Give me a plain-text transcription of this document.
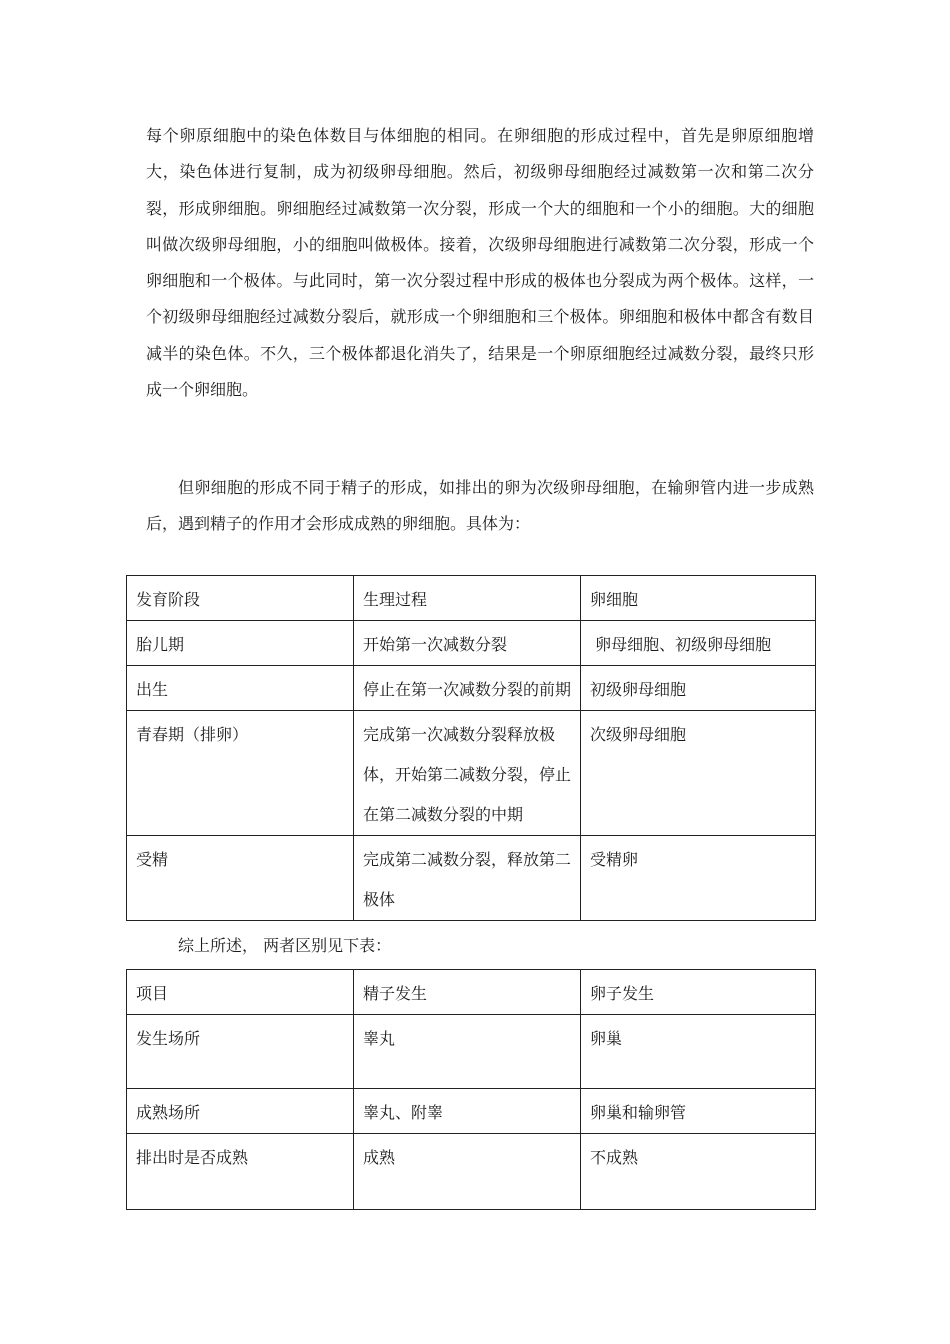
每个卵原细胞中的染色体数目与体细胞的相同。在卵细胞的形成过程中，首先是卵原细胞增大，染色体进行复制，成为初级卵母细胞。然后，初级卵母细胞经过减数第一次和第二次分裂，形成卵细胞。卵细胞经过减数第一次分裂，形成一个大的细胞和一个小的细胞。大的细胞叫做次级卵母细胞，小的细胞叫做极体。接着，次级卵母细胞进行减数第二次分裂，形成一个卵细胞和一个极体。与此同时，第一次分裂过程中形成的极体也分裂成为两个极体。这样，一个初级卵母细胞经过减数分裂后，就形成一个卵细胞和三个极体。卵细胞和极体中都含有数目减半的染色体。不久，三个极体都退化消失了，结果是一个卵原细胞经过减数分裂，最终只形成一个卵细胞。

但卵细胞的形成不同于精子的形成，如排出的卵为次级卵母细胞，在输卵管内进一步成熟后，遇到精子的作用才会形成成熟的卵细胞。具体为：

发育阶段	生理过程	卵细胞
胎儿期	开始第一次减数分裂	卵母细胞、初级卵母细胞
出生	停止在第一次减数分裂的前期	初级卵母细胞
青春期（排卵）	完成第一次减数分裂释放极体，开始第二减数分裂，停止在第二减数分裂的中期	次级卵母细胞
受精	完成第二减数分裂，释放第二极体	受精卵

综上所述， 两者区别见下表：

项目	精子发生	卵子发生
发生场所	睾丸	卵巢
成熟场所	睾丸、附睾	卵巢和输卵管
排出时是否成熟	成熟	不成熟
